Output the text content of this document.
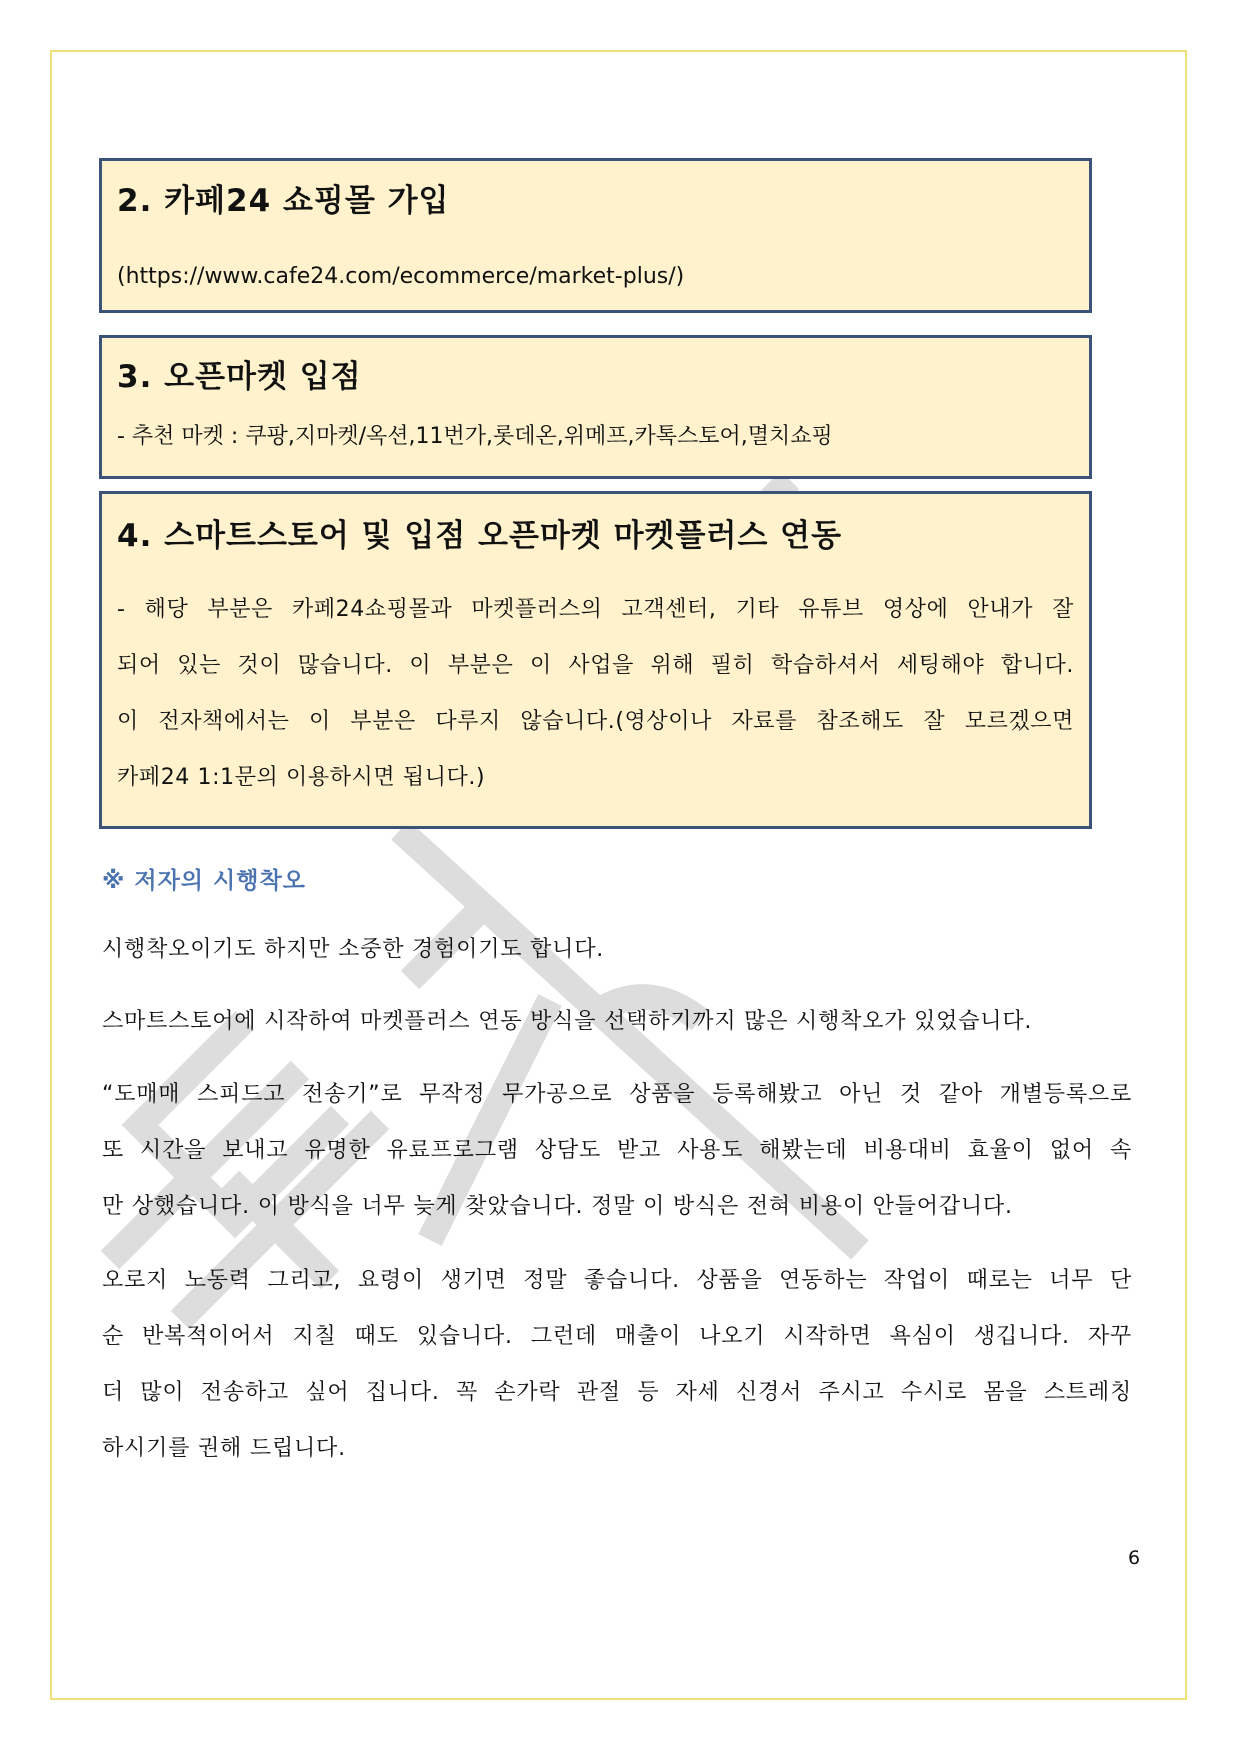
2. 카페24 쇼핑몰 가입
(https://www.cafe24.com/ecommerce/market-plus/)
3. 오픈마켓 입점
- 추천 마켓 : 쿠팡,지마켓/옥션,11번가,롯데온,위메프,카톡스토어,멸치쇼핑
4. 스마트스토어 및 입점 오픈마켓 마켓플러스 연동
- 해당 부분은 카페24쇼핑몰과 마켓플러스의 고객센터, 기타 유튜브 영상에 안내가 잘
되어 있는 것이 많습니다. 이 부분은 이 사업을 위해 필히 학습하셔서 세팅해야 합니다.
이 전자책에서는 이 부분은 다루지 않습니다.(영상이나 자료를 참조해도 잘 모르겠으면
카페24 1:1문의 이용하시면 됩니다.)
※ 저자의 시행착오
시행착오이기도 하지만 소중한 경험이기도 합니다.
스마트스토어에 시작하여 마켓플러스 연동 방식을 선택하기까지 많은 시행착오가 있었습니다.
“도매매 스피드고 전송기”로 무작정 무가공으로 상품을 등록해봤고 아닌 것 같아 개별등록으로
또 시간을 보내고 유명한 유료프로그램 상담도 받고 사용도 해봤는데 비용대비 효율이 없어 속
만 상했습니다. 이 방식을 너무 늦게 찾았습니다. 정말 이 방식은 전혀 비용이 안들어갑니다.
오로지 노동력 그리고, 요령이 생기면 정말 좋습니다. 상품을 연동하는 작업이 때로는 너무 단
순 반복적이어서 지칠 때도 있습니다. 그런데 매출이 나오기 시작하면 욕심이 생깁니다. 자꾸
더 많이 전송하고 싶어 집니다. 꼭 손가락 관절 등 자세 신경서 주시고 수시로 몸을 스트레칭
하시기를 권해 드립니다.
6
